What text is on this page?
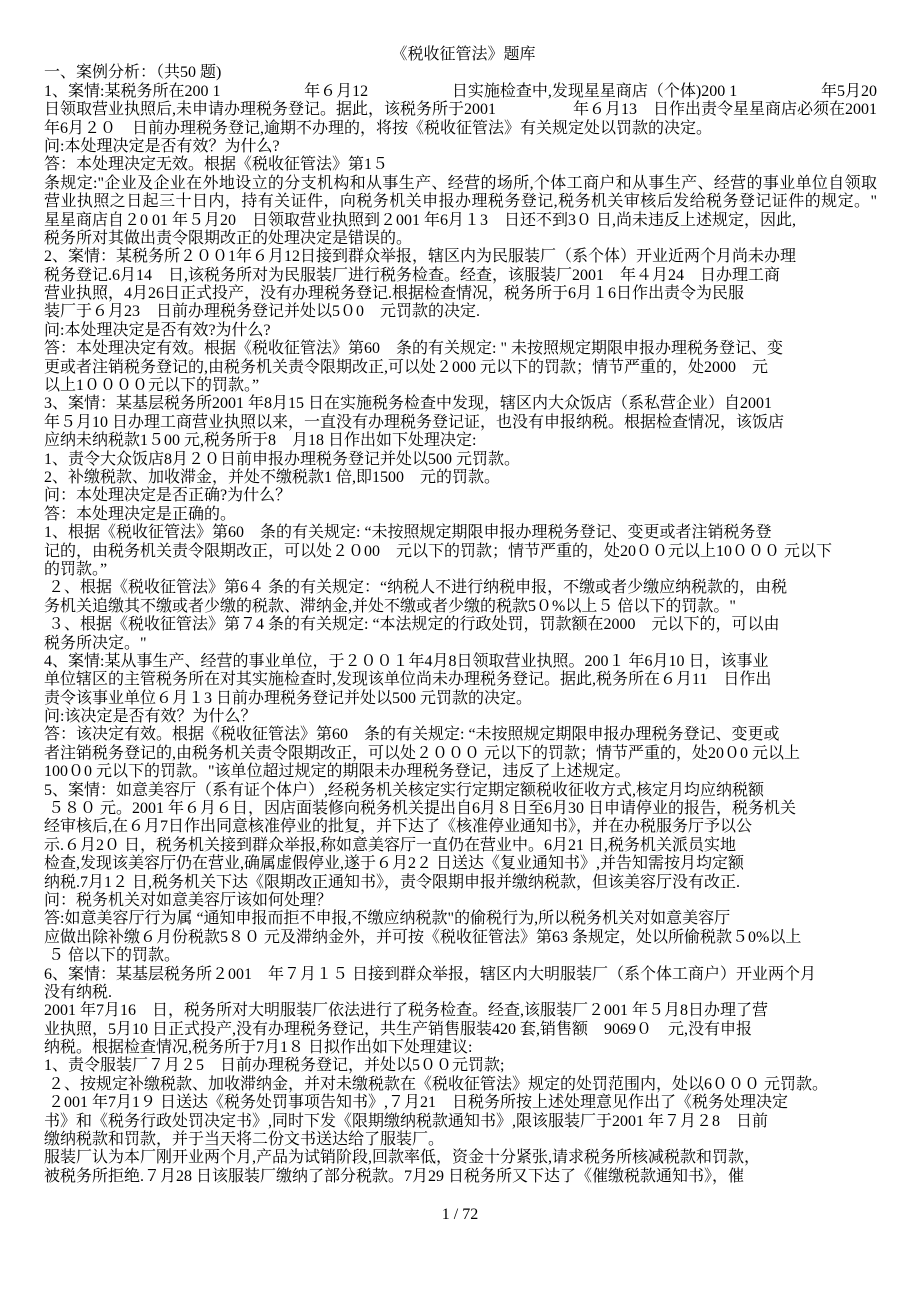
《税收征管法》题库
一、案例分析：（共50 题)
1、案情:某税务所在200 1	年６月12	日实施检查中,发现星星商店（个体)200 1	年5月20
日领取营业执照后,未申请办理税务登记。据此，该税务所于2001	年６月13　日作出责令星星商店必须在2001
年6月２０　日前办理税务登记,逾期不办理的，将按《税收征管法》有关规定处以罚款的决定。
问:本处理决定是否有效？为什么?
答：本处理决定无效。根据《税收征管法》第1５
条规定:"企业及企业在外地设立的分支机构和从事生产、经营的场所,个体工商户和从事生产、经营的事业单位自领取
营业执照之日起三十日内，持有关证件，向税务机关申报办理税务登记,税务机关审核后发给税务登记证件的规定。"
星星商店自２0 01 年５月20　日领取营业执照到２001 年6月１3　日还不到3０ 日,尚未违反上述规定，因此,
税务所对其做出责令限期改正的处理决定是错误的。
2、案情：某税务所２００1年６月12日接到群众举报，辖区内为民服装厂（系个体）开业近两个月尚未办理
税务登记.6月14　日,该税务所对为民服装厂进行税务检查。经查，该服装厂2001　年４月24　日办理工商
营业执照，4月26日正式投产，没有办理税务登记.根据检查情况，税务所于6月１6日作出责令为民服
装厂于６月23　日前办理税务登记并处以5０0　元罚款的决定.
问:本处理决定是否有效?为什么?
答：本处理决定有效。根据《税收征管法》第60　条的有关规定: " 未按照规定期限申报办理税务登记、变
更或者注销税务登记的,由税务机关责令限期改正,可以处２000 元以下的罚款；情节严重的，处2000　元
以上1００００元以下的罚款。”
3、案情：某基层税务所2001 年8月15 日在实施税务检查中发现，辖区内大众饭店（系私营企业）自2001
年５月10 日办理工商营业执照以来，一直没有办理税务登记证，也没有申报纳税。根据检查情况，该饭店
应纳未纳税款1５00 元,税务所于8　月18 日作出如下处理决定:
1、责令大众饭店8月２０日前申报办理税务登记并处以500 元罚款。
2、补缴税款、加收滞金，并处不缴税款1 倍,即1500　元的罚款。
问：本处理决定是否正确?为什么？
答：本处理决定是正确的。
1、根据《税收征管法》第60　条的有关规定: “未按照规定期限申报办理税务登记、变更或者注销税务登
记的，由税务机关责令限期改正，可以处２０00　元以下的罚款；情节严重的，处20００元以上10０００ 元以下
的罚款。”
２、根据《税收征管法》第6４ 条的有关规定：“纳税人不进行纳税申报，不缴或者少缴应纳税款的，由税
务机关追缴其不缴或者少缴的税款、滞纳金,并处不缴或者少缴的税款5０%以上５ 倍以下的罚款。"
３、根据《税收征管法》第７4 条的有关规定: “本法规定的行政处罚，罚款额在2000　元以下的，可以由
税务所决定。"
4、案情:某从事生产、经营的事业单位，于２００１年4月8日领取营业执照。200１ 年6月10 日，该事业
单位辖区的主管税务所在对其实施检查时,发现该单位尚未办理税务登记。据此,税务所在６月11　日作出
责令该事业单位６月１3 日前办理税务登记并处以500 元罚款的决定。
问:该决定是否有效？为什么？
答：该决定有效。根据《税收征管法》第60　条的有关规定: “未按照规定期限申报办理税务登记、变更或
者注销税务登记的,由税务机关责令限期改正，可以处２０００ 元以下的罚款；情节严重的，处20０0 元以上
100０0 元以下的罚款。"该单位超过规定的期限未办理税务登记，违反了上述规定。
5、案情：如意美容厅（系有证个体户）,经税务机关核定实行定期定额税收征收方式,核定月均应纳税额
５８０ 元。2001 年６月６日，因店面装修向税务机关提出自6月８日至6月30 日申请停业的报告，税务机关
经审核后,在６月7日作出同意核准停业的批复，并下达了《核准停业通知书》，并在办税服务厅予以公
示.６月2０ 日，税务机关接到群众举报,称如意美容厅一直仍在营业中。6月21 日,税务机关派员实地
检查,发现该美容厅仍在营业,确属虚假停业,遂于６月2２ 日送达《复业通知书》,并告知需按月均定额
纳税.7月1２ 日,税务机关下达《限期改正通知书》，责令限期申报并缴纳税款，但该美容厅没有改正.
问：税务机关对如意美容厅该如何处理？
答:如意美容厅行为属 “通知申报而拒不申报,不缴应纳税款"的偷税行为,所以税务机关对如意美容厅
应做出除补缴６月份税款5８０ 元及滞纳金外，并可按《税收征管法》第63 条规定，处以所偷税款５0%以上
５ 倍以下的罚款。
6、案情：某基层税务所２001　年７月１５ 日接到群众举报，辖区内大明服装厂（系个体工商户）开业两个月
没有纳税.
2001 年7月16　日，税务所对大明服装厂依法进行了税务检查。经查,该服装厂２001 年５月8日办理了营
业执照，5月10 日正式投产,没有办理税务登记，共生产销售服装420 套,销售额　9069０　元,没有申报
纳税。根据检查情况,税务所于7月1８ 日拟作出如下处理建议:
1、责令服装厂７月２5　日前办理税务登记，并处以5００元罚款;
２、按规定补缴税款、加收滞纳金，并对未缴税款在《税收征管法》规定的处罚范围内，处以6０００ 元罚款。
２001 年7月1９ 日送达《税务处罚事项告知书》,７月21　日税务所按上述处理意见作出了《税务处理决定
书》和《税务行政处罚决定书》,同时下发《限期缴纳税款通知书》,限该服装厂于2001 年７月２8　日前
缴纳税款和罚款，并于当天将二份文书送达给了服装厂。
服装厂认为本厂刚开业两个月,产品为试销阶段,回款率低，资金十分紧张,请求税务所核减税款和罚款，
被税务所拒绝.７月28 日该服装厂缴纳了部分税款。7月29 日税务所又下达了《催缴税款通知书》，催
1 / 72
